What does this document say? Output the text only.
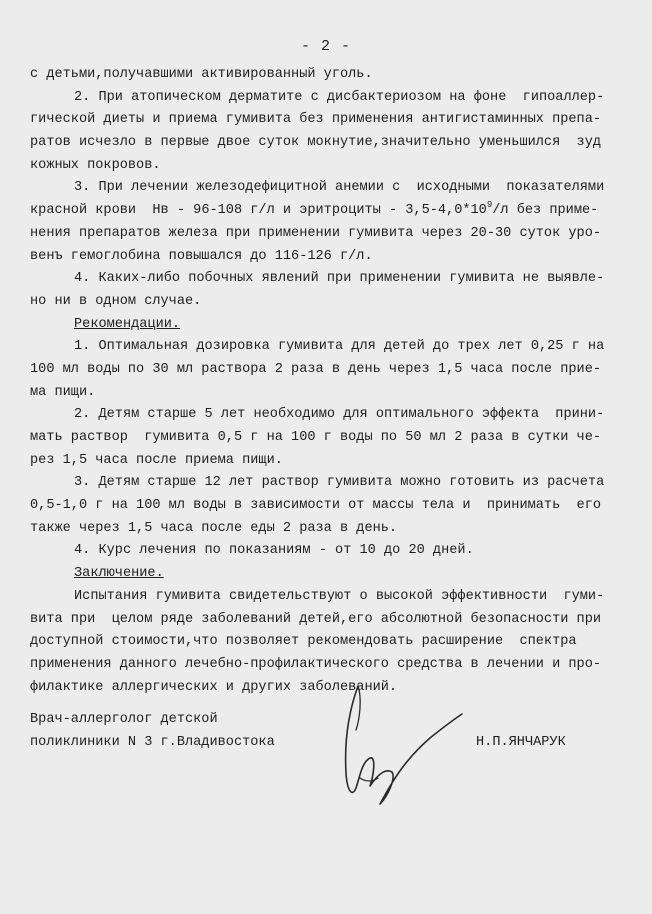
- 2 -
с детьми,получавшими активированный уголь.
2. При атопическом дерматите с дисбактериозом на фоне  гипоаллер-
гической диеты и приема гумивита без применения антигистаминных препа-
ратов исчезло в первые двое суток мокнутие,значительно уменьшился  зуд
кожных покровов.
3. При лечении железодефицитной анемии с  исходными  показателями
красной крови  Нв - 96-108 г/л и эритроциты - $3,5-4,0*10^9/л$ без приме-
нения препаратов железа при применении гумивита через 20-30 суток уро-
венъ гемоглобина повышался до 116-126 г/л.
4. Каких-либо побочных явлений при применении гумивита не выявле-
но ни в одном случае.
Рекомендации.
1. Оптимальная дозировка гумивита для детей до трех лет 0,25 г на
100 мл воды по 30 мл раствора 2 раза в день через 1,5 часа после прие-
ма пищи.
2. Детям старше 5 лет необходимо для оптимального эффекта  прини-
мать раствор  гумивита 0,5 г на 100 г воды по 50 мл 2 раза в сутки че-
рез 1,5 часа после приема пищи.
3. Детям старше 12 лет раствор гумивита можно готовить из расчета
0,5-1,0 г на 100 мл воды в зависимости от массы тела и  принимать  его
также через 1,5 часа после еды 2 раза в день.
4. Курс лечения по показаниям - от 10 до 20 дней.
Заключение.
Испытания гумивита свидетельствуют о высокой эффективности  гуми-
вита при  целом ряде заболеваний детей,его абсолютной безопасности при
доступной стоимости,что позволяет рекомендовать расширение  спектра
применения данного лечебно-профилактического средства в лечении и про-
филактике аллергических и других заболеваний.
Врач-аллерголог детской
поликлиники N 3 г.Владивостока	Н.П.ЯНЧАРУК
